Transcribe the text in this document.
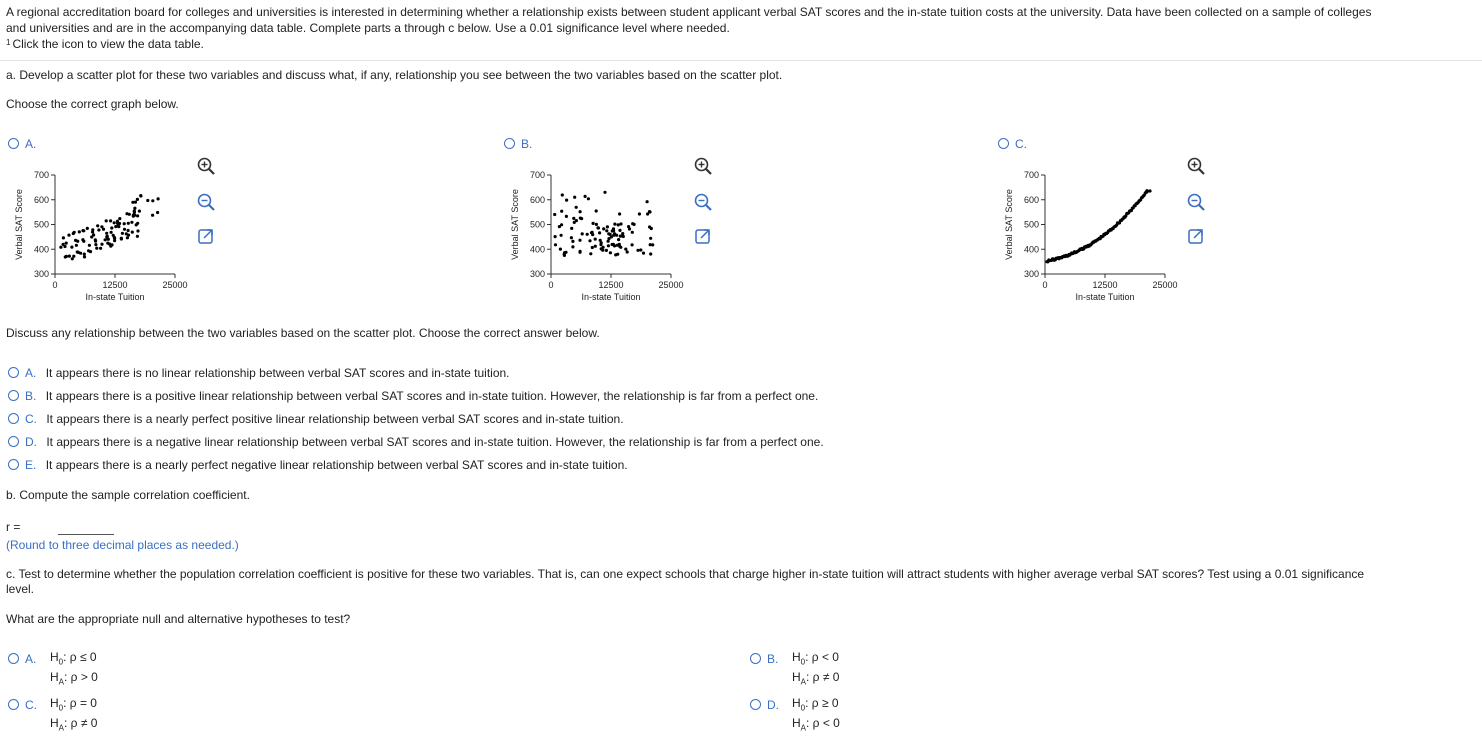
A regional accreditation board for colleges and universities is interested in determining whether a relationship exists between student applicant verbal SAT scores and the in-state tuition costs at the university. Data have been collected on a sample of colleges
and universities and are in the accompanying data table. Complete parts a through c below. Use a 0.01 significance level where needed.
$^1$ Click the icon to view the data table.
a. Develop a scatter plot for these two variables and discuss what, if any, relationship you see between the two variables based on the scatter plot.
Choose the correct graph below.
A.	B.	C.
700
600
500
400
300
0	12500	25000
Verbal SAT Score
In-state Tuition
700
600
500
400
300
0	12500	25000
Verbal SAT Score
In-state Tuition
700
600
500
400
300
0	12500	25000
Verbal SAT Score
In-state Tuition
Discuss any relationship between the two variables based on the scatter plot. Choose the correct answer below.
A. It appears there is no linear relationship between verbal SAT scores and in-state tuition.
B. It appears there is a positive linear relationship between verbal SAT scores and in-state tuition. However, the relationship is far from a perfect one.
C. It appears there is a nearly perfect positive linear relationship between verbal SAT scores and in-state tuition.
D. It appears there is a negative linear relationship between verbal SAT scores and in-state tuition. However, the relationship is far from a perfect one.
E. It appears there is a nearly perfect negative linear relationship between verbal SAT scores and in-state tuition.
b. Compute the sample correlation coefficient.
r =
(Round to three decimal places as needed.)
c. Test to determine whether the population correlation coefficient is positive for these two variables. That is, can one expect schools that charge higher in-state tuition will attract students with higher average verbal SAT scores? Test using a 0.01 significance
level.
What are the appropriate null and alternative hypotheses to test?
A. $H_0$: ρ ≤ 0
$H_A$: ρ > 0
B. $H_0$: ρ < 0
$H_A$: ρ ≠ 0
C. $H_0$: ρ = 0
$H_A$: ρ ≠ 0
D. $H_0$: ρ ≥ 0
$H_A$: ρ < 0
